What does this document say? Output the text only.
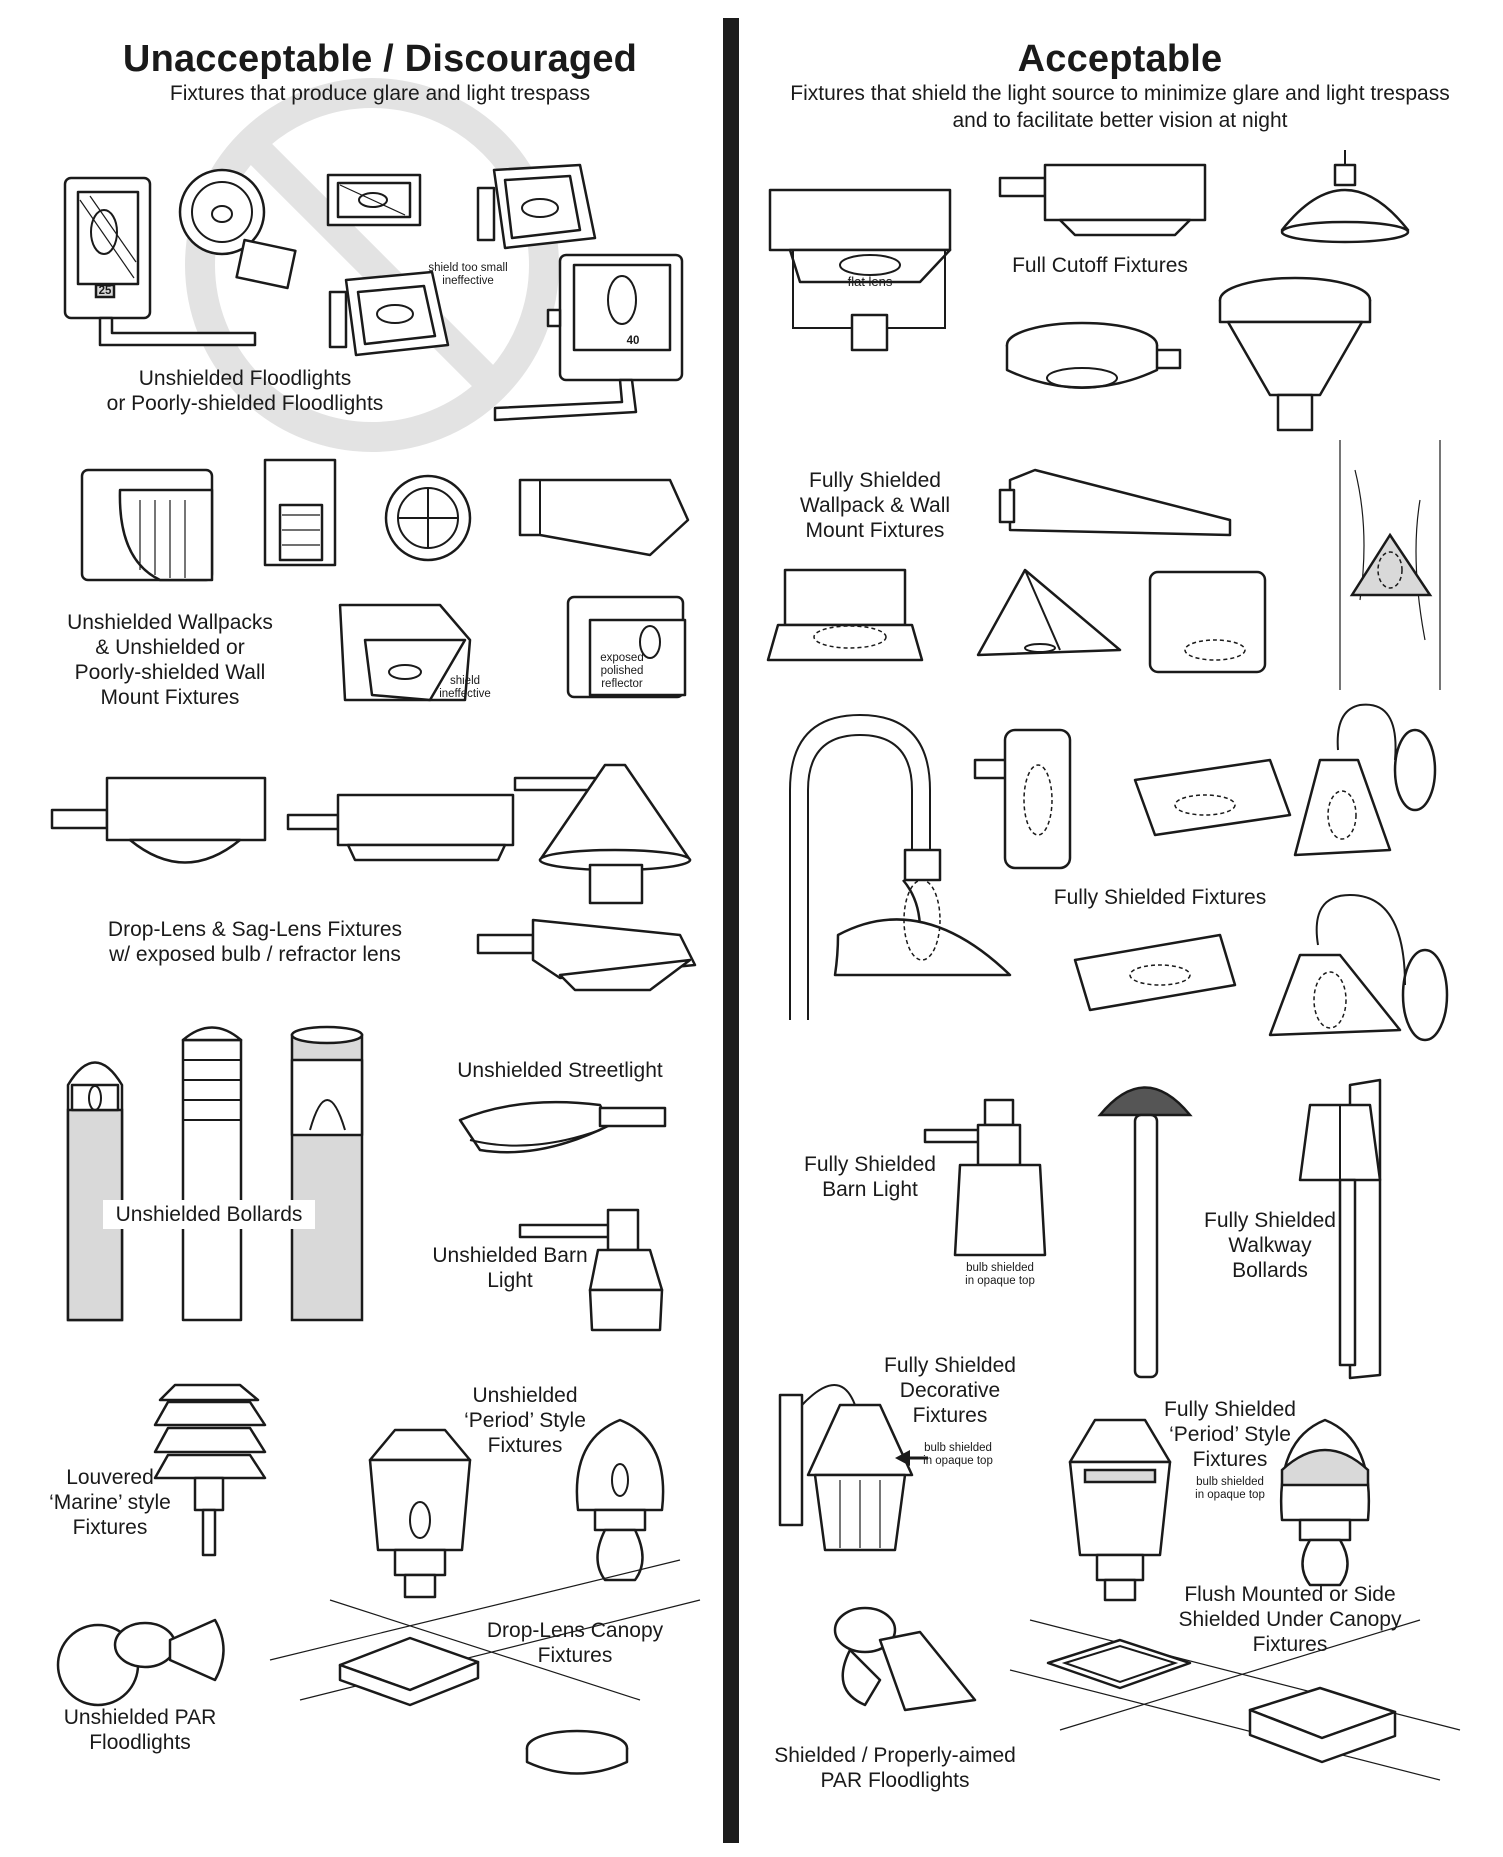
Unacceptable / Discouraged
Fixtures that produce glare and light trespass
shield too small
ineffective
25
40
Unshielded Floodlights
or Poorly-shielded Floodlights
Unshielded Wallpacks
& Unshielded or
Poorly-shielded Wall
Mount Fixtures
shield
ineffective
exposed
polished
reflector
Drop-Lens & Sag-Lens Fixtures
w/ exposed bulb / refractor lens
Unshielded Streetlight
Unshielded Bollards
Unshielded Barn
Light
Louvered
‘Marine’ style
Fixtures
Unshielded
‘Period’ Style
Fixtures
Drop-Lens Canopy
Fixtures
Unshielded PAR
Floodlights
Acceptable
Fixtures that shield the light source to minimize glare and light trespass
and to facilitate better vision at night
flat lens
Full Cutoff Fixtures
Fully Shielded
Wallpack & Wall
Mount Fixtures
Fully Shielded Fixtures
Fully Shielded
Barn Light
bulb shielded
in opaque top
Fully Shielded
Walkway
Bollards
Fully Shielded
Decorative
Fixtures
bulb shielded
in opaque top
Fully Shielded
‘Period’ Style
Fixtures
bulb shielded
in opaque top
Flush Mounted or Side
Shielded Under Canopy
Fixtures
Shielded / Properly-aimed
PAR Floodlights
